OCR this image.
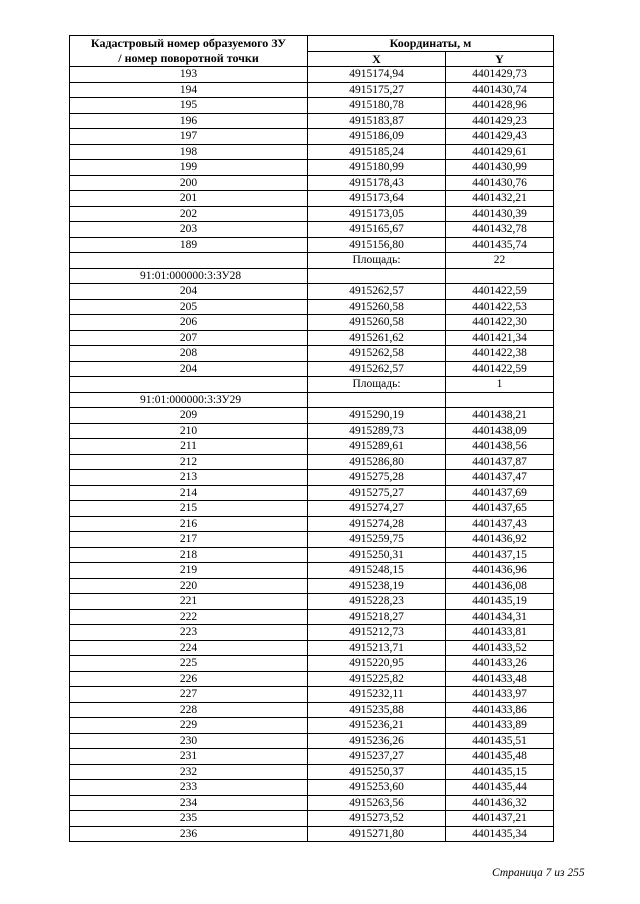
Кадастровый номер образуемого ЗУ / номер поворотной точки	Координаты, м	
	X	Y
193	4915174,94	4401429,73
194	4915175,27	4401430,74
195	4915180,78	4401428,96
196	4915183,87	4401429,23
197	4915186,09	4401429,43
198	4915185,24	4401429,61
199	4915180,99	4401430,99
200	4915178,43	4401430,76
201	4915173,64	4401432,21
202	4915173,05	4401430,39
203	4915165,67	4401432,78
189	4915156,80	4401435,74
	Площадь:	22
91:01:000000:3:ЗУ28		
204	4915262,57	4401422,59
205	4915260,58	4401422,53
206	4915260,58	4401422,30
207	4915261,62	4401421,34
208	4915262,58	4401422,38
204	4915262,57	4401422,59
	Площадь:	1
91:01:000000:3:ЗУ29		
209	4915290,19	4401438,21
210	4915289,73	4401438,09
211	4915289,61	4401438,56
212	4915286,80	4401437,87
213	4915275,28	4401437,47
214	4915275,27	4401437,69
215	4915274,27	4401437,65
216	4915274,28	4401437,43
217	4915259,75	4401436,92
218	4915250,31	4401437,15
219	4915248,15	4401436,96
220	4915238,19	4401436,08
221	4915228,23	4401435,19
222	4915218,27	4401434,31
223	4915212,73	4401433,81
224	4915213,71	4401433,52
225	4915220,95	4401433,26
226	4915225,82	4401433,48
227	4915232,11	4401433,97
228	4915235,88	4401433,86
229	4915236,21	4401433,89
230	4915236,26	4401435,51
231	4915237,27	4401435,48
232	4915250,37	4401435,15
233	4915253,60	4401435,44
234	4915263,56	4401436,32
235	4915273,52	4401437,21
236	4915271,80	4401435,34
Страница 7 из 255
